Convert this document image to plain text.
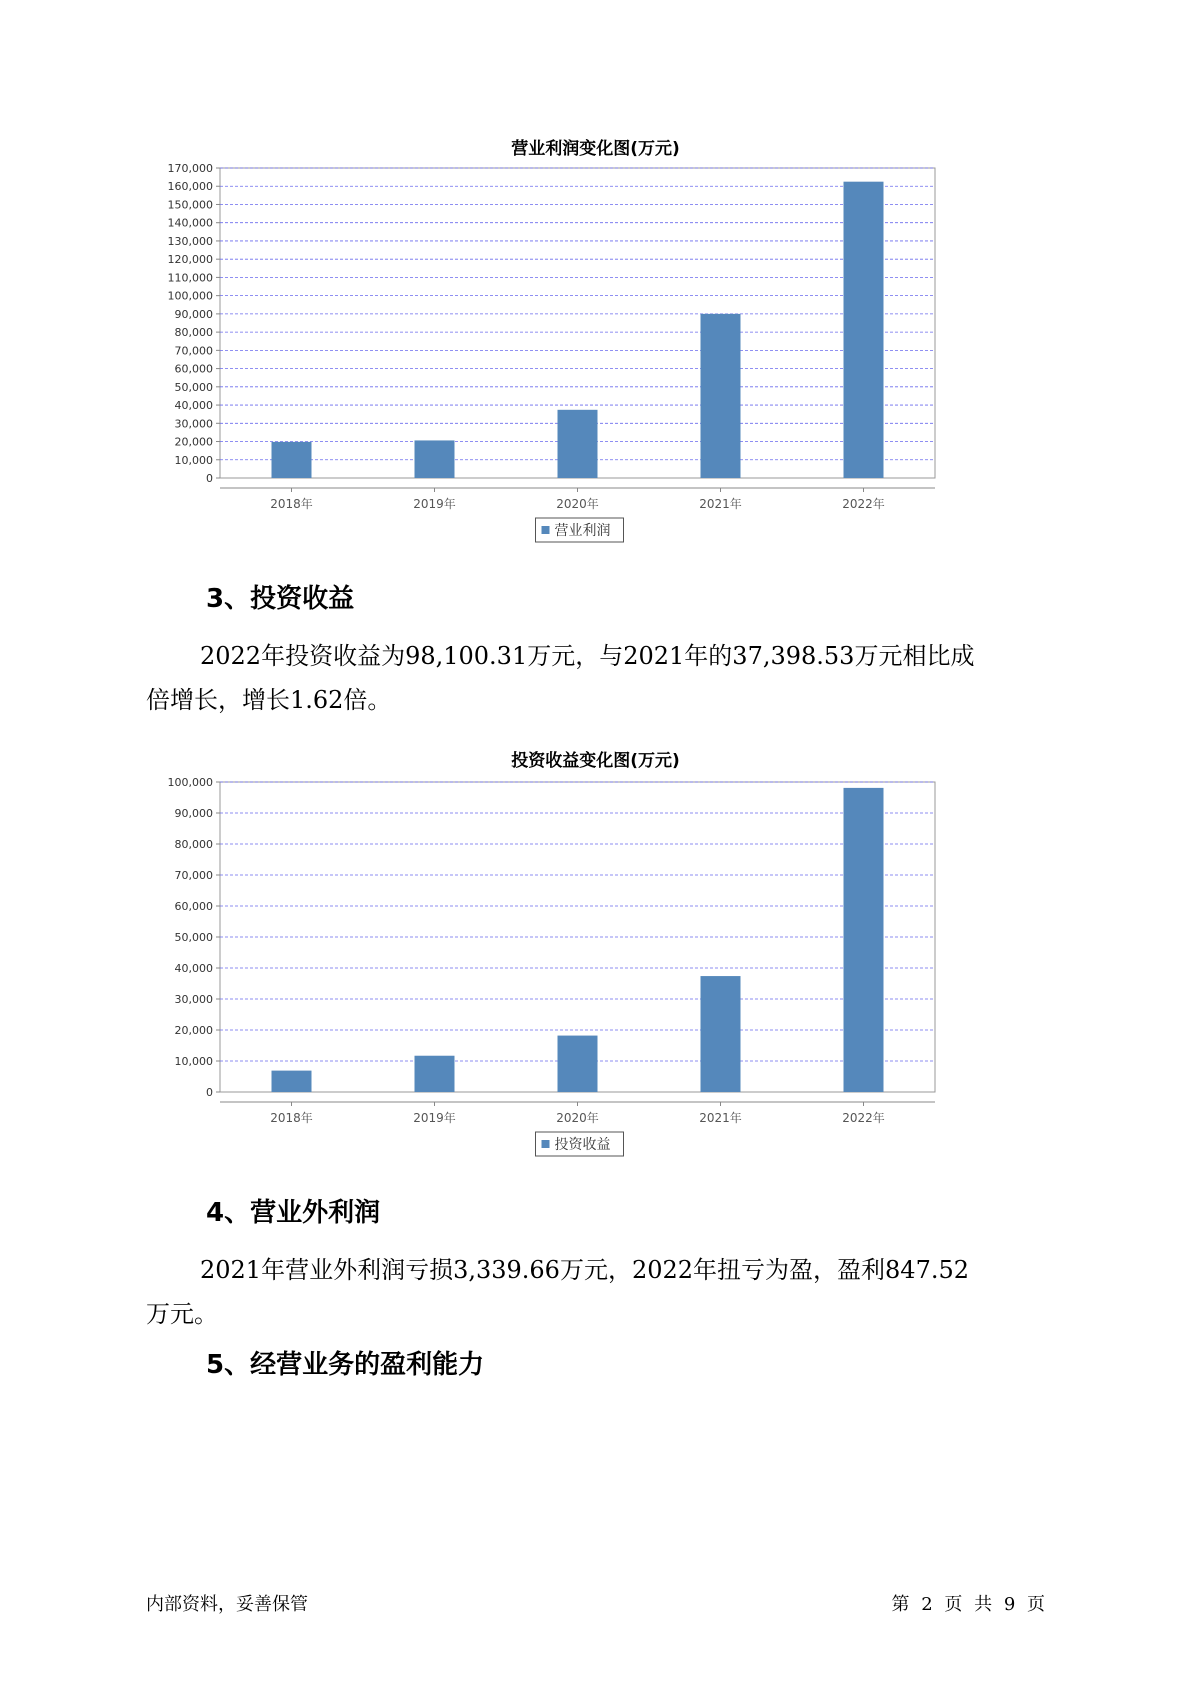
营业利润变化图(万元)
0
10,000
20,000
30,000
40,000
50,000
60,000
70,000
80,000
90,000
100,000
110,000
120,000
130,000
140,000
150,000
160,000
170,000
2018年	2019年	2020年	2021年	2022年
营业利润
3、投资收益
2022年投资收益为98,100.31万元，与2021年的37,398.53万元相比成
倍增长，增长1.62倍。
投资收益变化图(万元)
0
10,000
20,000
30,000
40,000
50,000
60,000
70,000
80,000
90,000
100,000
2018年	2019年	2020年	2021年	2022年
投资收益
4、营业外利润
2021年营业外利润亏损3,339.66万元，2022年扭亏为盈，盈利847.52
万元。
5、经营业务的盈利能力
内部资料，妥善保管	第 2 页 共 9 页
